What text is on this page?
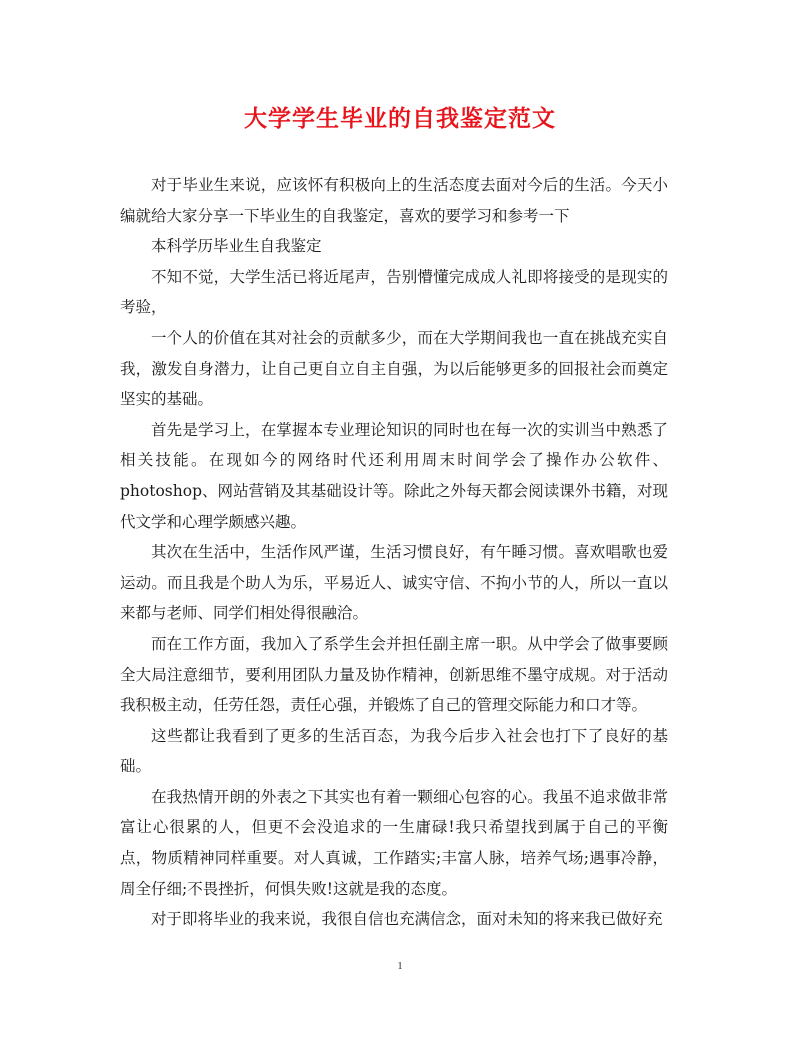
大学学生毕业的自我鉴定范文

对于毕业生来说，应该怀有积极向上的生活态度去面对今后的生活。今天小编就给大家分享一下毕业生的自我鉴定，喜欢的要学习和参考一下

本科学历毕业生自我鉴定

不知不觉，大学生活已将近尾声，告别懵懂完成成人礼即将接受的是现实的考验，

一个人的价值在其对社会的贡献多少，而在大学期间我也一直在挑战充实自我，激发自身潜力，让自己更自立自主自强，为以后能够更多的回报社会而奠定坚实的基础。

首先是学习上，在掌握本专业理论知识的同时也在每一次的实训当中熟悉了相关技能。在现如今的网络时代还利用周末时间学会了操作办公软件、photoshop、网站营销及其基础设计等。除此之外每天都会阅读课外书籍，对现代文学和心理学颇感兴趣。

其次在生活中，生活作风严谨，生活习惯良好，有午睡习惯。喜欢唱歌也爱运动。而且我是个助人为乐，平易近人、诚实守信、不拘小节的人，所以一直以来都与老师、同学们相处得很融洽。

而在工作方面，我加入了系学生会并担任副主席一职。从中学会了做事要顾全大局注意细节，要利用团队力量及协作精神，创新思维不墨守成规。对于活动我积极主动，任劳任怨，责任心强，并锻炼了自己的管理交际能力和口才等。

这些都让我看到了更多的生活百态，为我今后步入社会也打下了良好的基础。

在我热情开朗的外表之下其实也有着一颗细心包容的心。我虽不追求做非常富让心很累的人，但更不会没追求的一生庸碌!我只希望找到属于自己的平衡点，物质精神同样重要。对人真诚，工作踏实;丰富人脉，培养气场;遇事冷静，周全仔细;不畏挫折，何惧失败!这就是我的态度。

对于即将毕业的我来说，我很自信也充满信念，面对未知的将来我已做好充

1
